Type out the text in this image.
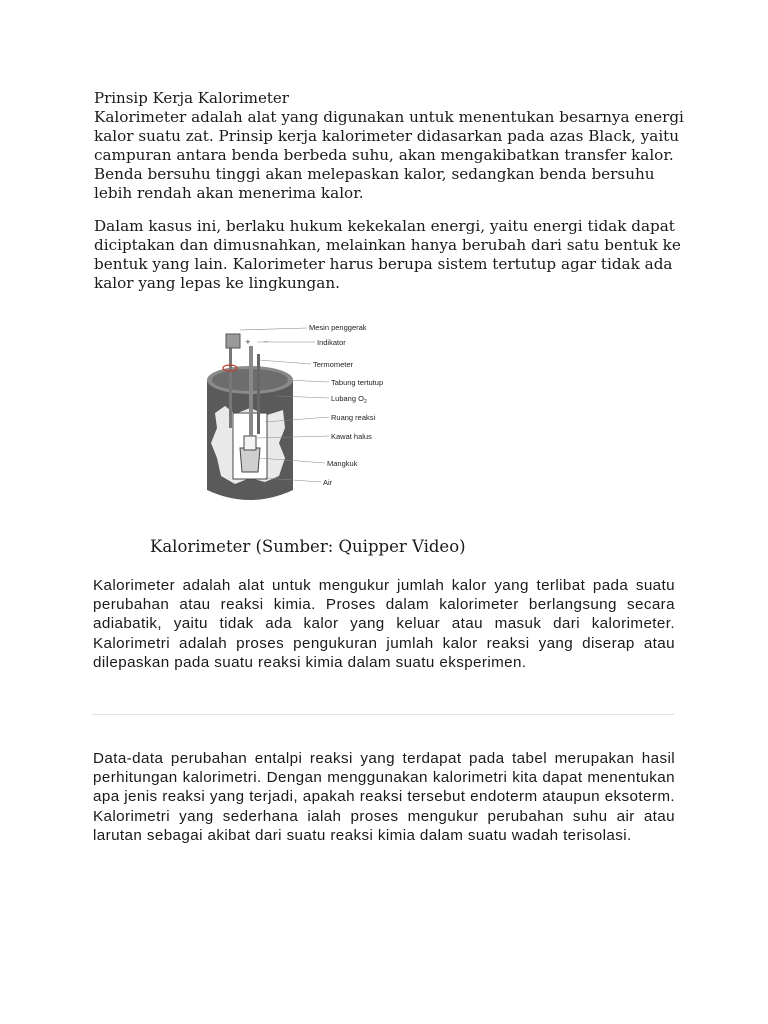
Prinsip Kerja Kalorimeter
Kalorimeter adalah alat yang digunakan untuk menentukan besarnya energi kalor suatu zat. Prinsip kerja kalorimeter didasarkan pada azas Black, yaitu campuran antara benda berbeda suhu, akan mengakibatkan transfer kalor. Benda bersuhu tinggi akan melepaskan kalor, sedangkan benda bersuhu lebih rendah akan menerima kalor.
Dalam kasus ini, berlaku hukum kekekalan energi, yaitu energi tidak dapat diciptakan dan dimusnahkan, melainkan hanya berubah dari satu bentuk ke bentuk yang lain. Kalorimeter harus berupa sistem tertutup agar tidak ada kalor yang lepas ke lingkungan.
+ −
Mesin penggerak
Indikator
Termometer
Tabung tertutup
Lubang $O_2$
Ruang reaksi
Kawat halus
Mangkuk
Air
Kalorimeter (Sumber: Quipper Video)
Kalorimeter adalah alat untuk mengukur jumlah kalor yang terlibat pada suatu perubahan atau reaksi kimia. Proses dalam kalorimeter berlangsung secara adiabatik, yaitu tidak ada kalor yang keluar atau masuk dari kalorimeter. Kalorimetri adalah proses pengukuran jumlah kalor reaksi yang diserap atau dilepaskan pada suatu reaksi kimia dalam suatu eksperimen.
Data-data perubahan entalpi reaksi yang terdapat pada tabel merupakan hasil perhitungan kalorimetri. Dengan menggunakan kalorimetri kita dapat menentukan apa jenis reaksi yang terjadi, apakah reaksi tersebut endoterm ataupun eksoterm. Kalorimetri yang sederhana ialah proses mengukur perubahan suhu air atau larutan sebagai akibat dari suatu reaksi kimia dalam suatu wadah terisolasi.
